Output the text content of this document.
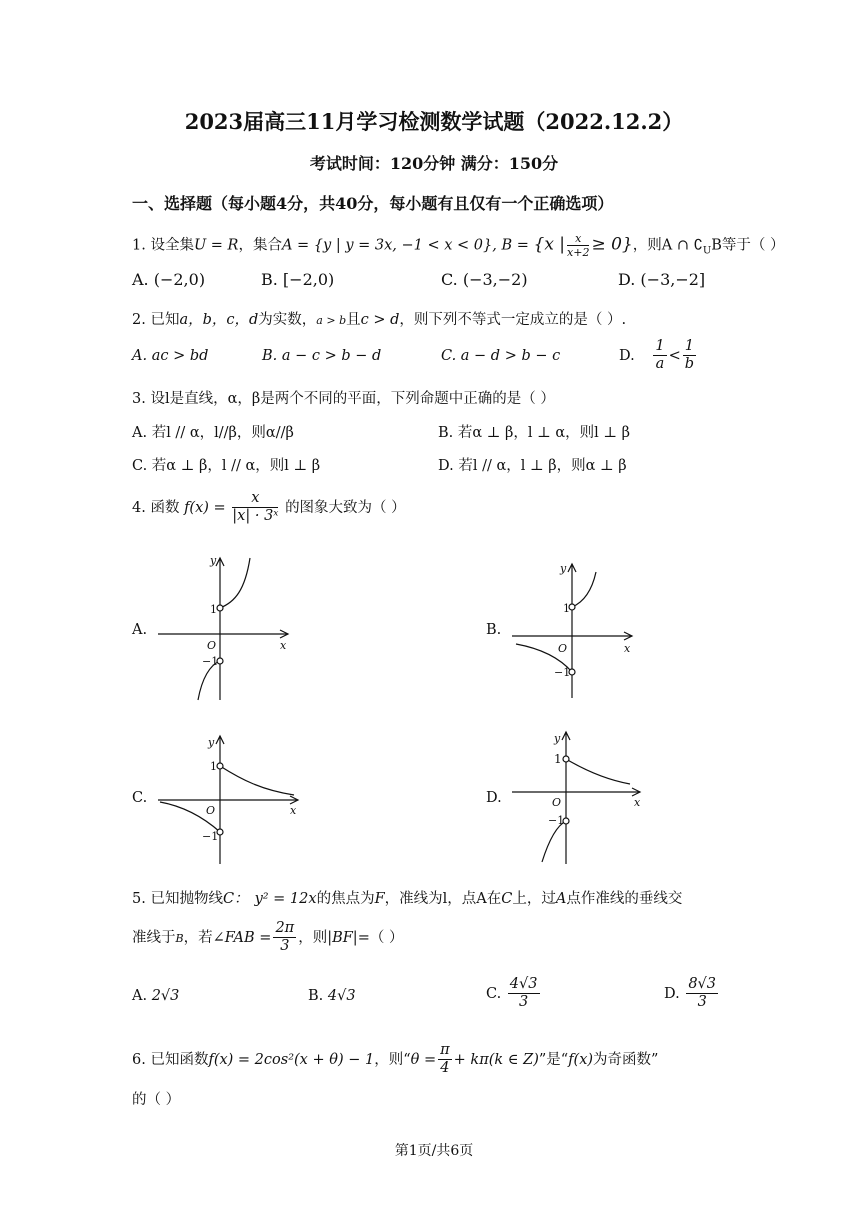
2023届高三11月学习检测数学试题（2022.12.2）
考试时间：120分钟 满分：150分
一、选择题（每小题4分，共40分，每小题有且仅有一个正确选项）
1. 设全集U = R，集合A = {y | y = 3x, −1 < x < 0}, B = {x | $\frac{x}{x+2} \ge 0$}，则A ∩ $∁_UB$等于（ ）
A. (−2,0)	B. [−2,0)	C. (−3,−2)	D. (−3,−2]
2. 已知a，b，c，d为实数，a > b且c > d，则下列不等式一定成立的是（ ）.
A. ac > bd	B. a − c > b − d	C. a − d > b − c	D. $\frac{1}{a} < \frac{1}{b}$
3. 设l是直线，α，β是两个不同的平面，下列命题中正确的是（ ）
A. 若l // α，l//β，则α//β	B. 若α ⊥ β，l ⊥ α，则l ⊥ β
C. 若α ⊥ β，l // α，则l ⊥ β	D. 若l // α，l ⊥ β，则α ⊥ β
4. 函数 $f(x) = \frac{x}{\text{|x| · 3ˣ}}$ 的图象大致为（ ）
A.	B.
C.	D.
y
x
O
1
−1
y
x
O
1
−1
y
x
O
1
−1
y
x
O
1
−1
5. 已知抛物线C： y² = 12x的焦点为F，准线为l，点A在C上，过A点作准线的垂线交
准线于B，若∠FAB = $\frac{2\pi}{3}$ ，则|BF|=（ ）
A. 2√3	B. 4√3	C. $\frac{4√3}{3}$	D. $\frac{8√3}{3}$
6. 已知函数f(x) = 2cos²(x + θ) − 1，则“$\theta = \frac{\pi}{4} + k\pi(k$ ∈ Z)”是“f(x)为奇函数”
的（ ）
第1页/共6页
